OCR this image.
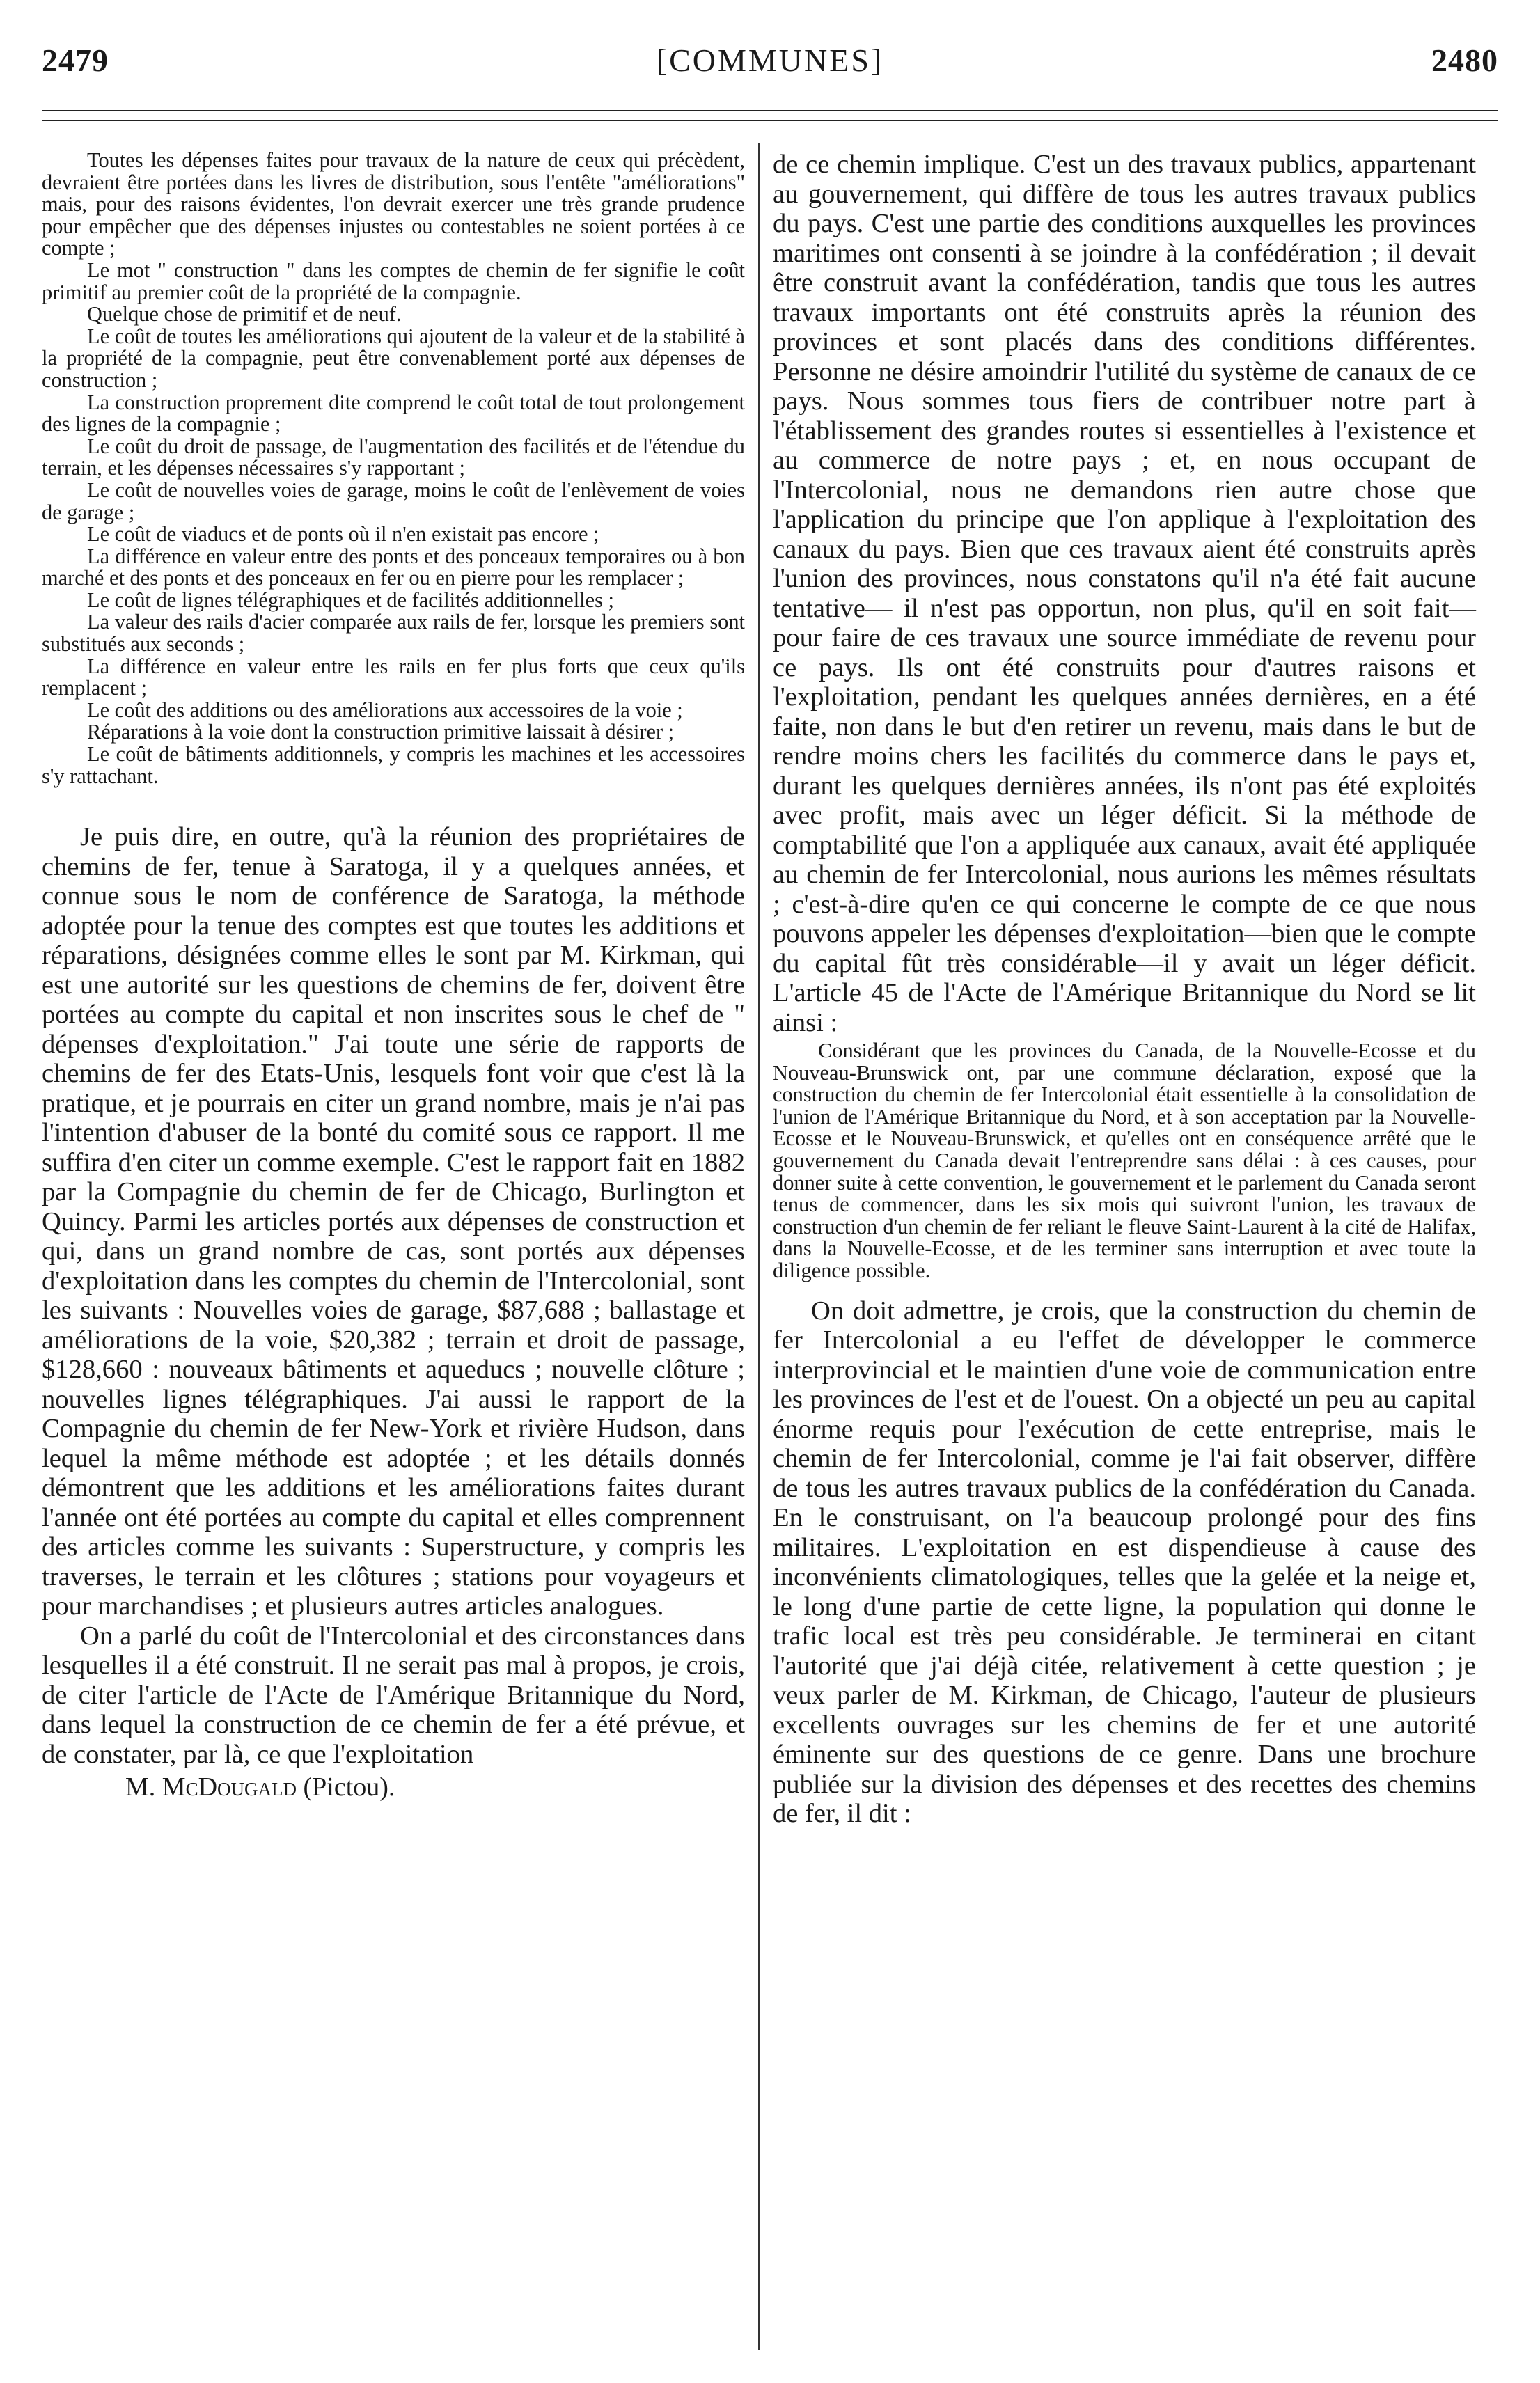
2479	[COMMUNES]	2480

Toutes les dépenses faites pour travaux de la nature de ceux qui précèdent, devraient être portées dans les livres de distribution, sous l'entête "améliorations" mais, pour des raisons évidentes, l'on devrait exercer une très grande prudence pour empêcher que des dépenses injustes ou contestables ne soient portées à ce compte ;

Le mot " construction " dans les comptes de chemin de fer signifie le coût primitif au premier coût de la propriété de la compagnie.

Quelque chose de primitif et de neuf.

Le coût de toutes les améliorations qui ajoutent de la valeur et de la stabilité à la propriété de la compagnie, peut être convenablement porté aux dépenses de construction ;

La construction proprement dite comprend le coût total de tout prolongement des lignes de la compagnie ;

Le coût du droit de passage, de l'augmentation des facilités et de l'étendue du terrain, et les dépenses nécessaires s'y rapportant ;

Le coût de nouvelles voies de garage, moins le coût de l'enlèvement de voies de garage ;

Le coût de viaducs et de ponts où il n'en existait pas encore ;

La différence en valeur entre des ponts et des ponceaux temporaires ou à bon marché et des ponts et des ponceaux en fer ou en pierre pour les remplacer ;

Le coût de lignes télégraphiques et de facilités additionnelles ;

La valeur des rails d'acier comparée aux rails de fer, lorsque les premiers sont substitués aux seconds ;

La différence en valeur entre les rails en fer plus forts que ceux qu'ils remplacent ;

Le coût des additions ou des améliorations aux accessoires de la voie ;

Réparations à la voie dont la construction primitive laissait à désirer ;

Le coût de bâtiments additionnels, y compris les machines et les accessoires s'y rattachant.

Je puis dire, en outre, qu'à la réunion des propriétaires de chemins de fer, tenue à Saratoga, il y a quelques années, et connue sous le nom de conférence de Saratoga, la méthode adoptée pour la tenue des comptes est que toutes les additions et réparations, désignées comme elles le sont par M. Kirkman, qui est une autorité sur les questions de chemins de fer, doivent être portées au compte du capital et non inscrites sous le chef de " dépenses d'exploitation." J'ai toute une série de rapports de chemins de fer des Etats-Unis, lesquels font voir que c'est là la pratique, et je pourrais en citer un grand nombre, mais je n'ai pas l'intention d'abuser de la bonté du comité sous ce rapport. Il me suffira d'en citer un comme exemple. C'est le rapport fait en 1882 par la Compagnie du chemin de fer de Chicago, Burlington et Quincy. Parmi les articles portés aux dépenses de construction et qui, dans un grand nombre de cas, sont portés aux dépenses d'exploitation dans les comptes du chemin de l'Intercolonial, sont les suivants : Nouvelles voies de garage, $87,688 ; ballastage et améliorations de la voie, $20,382 ; terrain et droit de passage, $128,660 : nouveaux bâtiments et aqueducs ; nouvelle clôture ; nouvelles lignes télégraphiques. J'ai aussi le rapport de la Compagnie du chemin de fer New-York et rivière Hudson, dans lequel la même méthode est adoptée ; et les détails donnés démontrent que les additions et les améliorations faites durant l'année ont été portées au compte du capital et elles comprennent des articles comme les suivants : Superstructure, y compris les traverses, le terrain et les clôtures ; stations pour voyageurs et pour marchandises ; et plusieurs autres articles analogues.

On a parlé du coût de l'Intercolonial et des circonstances dans lesquelles il a été construit. Il ne serait pas mal à propos, je crois, de citer l'article de l'Acte de l'Amérique Britannique du Nord, dans lequel la construction de ce chemin de fer a été prévue, et de constater, par là, ce que l'exploitation

M. McDougald (Pictou).

de ce chemin implique. C'est un des travaux publics, appartenant au gouvernement, qui diffère de tous les autres travaux publics du pays. C'est une partie des conditions auxquelles les provinces maritimes ont consenti à se joindre à la confédération ; il devait être construit avant la confédération, tandis que tous les autres travaux importants ont été construits après la réunion des provinces et sont placés dans des conditions différentes. Personne ne désire amoindrir l'utilité du système de canaux de ce pays. Nous sommes tous fiers de contribuer notre part à l'établissement des grandes routes si essentielles à l'existence et au commerce de notre pays ; et, en nous occupant de l'Intercolonial, nous ne demandons rien autre chose que l'application du principe que l'on applique à l'exploitation des canaux du pays. Bien que ces travaux aient été construits après l'union des provinces, nous constatons qu'il n'a été fait aucune tentative— il n'est pas opportun, non plus, qu'il en soit fait— pour faire de ces travaux une source immédiate de revenu pour ce pays. Ils ont été construits pour d'autres raisons et l'exploitation, pendant les quelques années dernières, en a été faite, non dans le but d'en retirer un revenu, mais dans le but de rendre moins chers les facilités du commerce dans le pays et, durant les quelques dernières années, ils n'ont pas été exploités avec profit, mais avec un léger déficit. Si la méthode de comptabilité que l'on a appliquée aux canaux, avait été appliquée au chemin de fer Intercolonial, nous aurions les mêmes résultats ; c'est-à-dire qu'en ce qui concerne le compte de ce que nous pouvons appeler les dépenses d'exploitation—bien que le compte du capital fût très considérable—il y avait un léger déficit. L'article 45 de l'Acte de l'Amérique Britannique du Nord se lit ainsi :

Considérant que les provinces du Canada, de la Nouvelle-Ecosse et du Nouveau-Brunswick ont, par une commune déclaration, exposé que la construction du chemin de fer Intercolonial était essentielle à la consolidation de l'union de l'Amérique Britannique du Nord, et à son acceptation par la Nouvelle-Ecosse et le Nouveau-Brunswick, et qu'elles ont en conséquence arrêté que le gouvernement du Canada devait l'entreprendre sans délai : à ces causes, pour donner suite à cette convention, le gouvernement et le parlement du Canada seront tenus de commencer, dans les six mois qui suivront l'union, les travaux de construction d'un chemin de fer reliant le fleuve Saint-Laurent à la cité de Halifax, dans la Nouvelle-Ecosse, et de les terminer sans interruption et avec toute la diligence possible.

On doit admettre, je crois, que la construction du chemin de fer Intercolonial a eu l'effet de développer le commerce interprovincial et le maintien d'une voie de communication entre les provinces de l'est et de l'ouest. On a objecté un peu au capital énorme requis pour l'exécution de cette entreprise, mais le chemin de fer Intercolonial, comme je l'ai fait observer, diffère de tous les autres travaux publics de la confédération du Canada. En le construisant, on l'a beaucoup prolongé pour des fins militaires. L'exploitation en est dispendieuse à cause des inconvénients climatologiques, telles que la gelée et la neige et, le long d'une partie de cette ligne, la population qui donne le trafic local est très peu considérable. Je terminerai en citant l'autorité que j'ai déjà citée, relativement à cette question ; je veux parler de M. Kirkman, de Chicago, l'auteur de plusieurs excellents ouvrages sur les chemins de fer et une autorité éminente sur des questions de ce genre. Dans une brochure publiée sur la division des dépenses et des recettes des chemins de fer, il dit :
